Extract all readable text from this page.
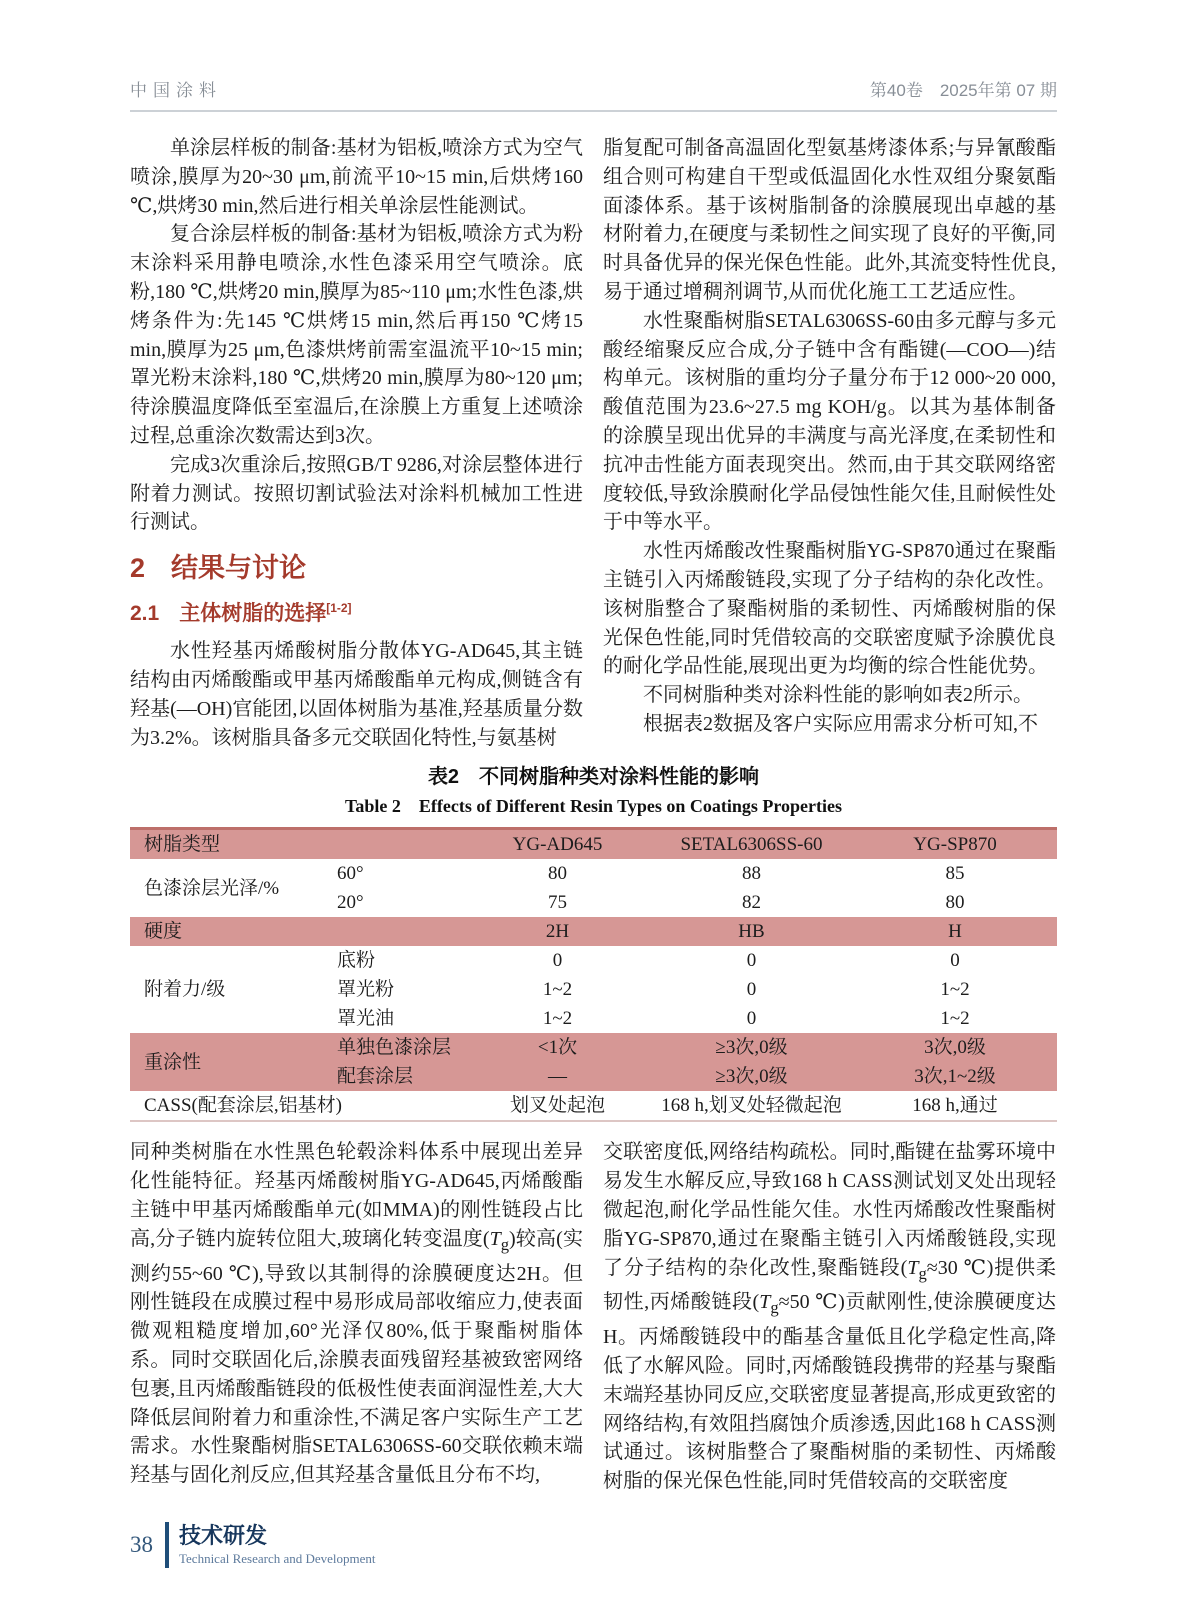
中国涂料	第40卷　2025年第 07 期

单涂层样板的制备:基材为铝板,喷涂方式为空气喷涂,膜厚为20~30 μm,前流平10~15 min,后烘烤160 ℃,烘烤30 min,然后进行相关单涂层性能测试。

复合涂层样板的制备:基材为铝板,喷涂方式为粉末涂料采用静电喷涂,水性色漆采用空气喷涂。底粉,180 ℃,烘烤20 min,膜厚为85~110 μm;水性色漆,烘烤条件为:先145 ℃烘烤15 min,然后再150 ℃烤15 min,膜厚为25 μm,色漆烘烤前需室温流平10~15 min;罩光粉末涂料,180 ℃,烘烤20 min,膜厚为80~120 μm;待涂膜温度降低至室温后,在涂膜上方重复上述喷涂过程,总重涂次数需达到3次。

完成3次重涂后,按照GB/T 9286,对涂层整体进行附着力测试。按照切割试验法对涂料机械加工性进行测试。

2 结果与讨论
2.1 主体树脂的选择[1-2]

水性羟基丙烯酸树脂分散体YG-AD645,其主链结构由丙烯酸酯或甲基丙烯酸酯单元构成,侧链含有羟基(—OH)官能团,以固体树脂为基准,羟基质量分数为3.2%。该树脂具备多元交联固化特性,与氨基树

脂复配可制备高温固化型氨基烤漆体系;与异氰酸酯组合则可构建自干型或低温固化水性双组分聚氨酯面漆体系。基于该树脂制备的涂膜展现出卓越的基材附着力,在硬度与柔韧性之间实现了良好的平衡,同时具备优异的保光保色性能。此外,其流变特性优良,易于通过增稠剂调节,从而优化施工工艺适应性。

水性聚酯树脂SETAL6306SS-60由多元醇与多元酸经缩聚反应合成,分子链中含有酯键(—COO—)结构单元。该树脂的重均分子量分布于12 000~20 000,酸值范围为23.6~27.5 mg KOH/g。以其为基体制备的涂膜呈现出优异的丰满度与高光泽度,在柔韧性和抗冲击性能方面表现突出。然而,由于其交联网络密度较低,导致涂膜耐化学品侵蚀性能欠佳,且耐候性处于中等水平。

水性丙烯酸改性聚酯树脂YG-SP870通过在聚酯主链引入丙烯酸链段,实现了分子结构的杂化改性。该树脂整合了聚酯树脂的柔韧性、丙烯酸树脂的保光保色性能,同时凭借较高的交联密度赋予涂膜优良的耐化学品性能,展现出更为均衡的综合性能优势。

不同树脂种类对涂料性能的影响如表2所示。

根据表2数据及客户实际应用需求分析可知,不

表2　不同树脂种类对涂料性能的影响
Table 2　Effects of Different Resin Types on Coatings Properties
树脂类型		YG-AD645	SETAL6306SS-60	YG-SP870
色漆涂层光泽/%	60°	80	88	85
	20°	75	82	80
硬度		2H	HB	H
附着力/级	底粉	0	0	0
	罩光粉	1~2	0	1~2
	罩光油	1~2	0	1~2
重涂性	单独色漆涂层	<1次	≥3次,0级	3次,0级
	配套涂层	—	≥3次,0级	3次,1~2级
CASS(配套涂层,铝基材)		划叉处起泡	168 h,划叉处轻微起泡	168 h,通过

同种类树脂在水性黑色轮毂涂料体系中展现出差异化性能特征。羟基丙烯酸树脂YG-AD645,丙烯酸酯主链中甲基丙烯酸酯单元(如MMA)的刚性链段占比高,分子链内旋转位阻大,玻璃化转变温度$(T_g)$较高(实测约55~60 ℃),导致以其制得的涂膜硬度达2H。但刚性链段在成膜过程中易形成局部收缩应力,使表面微观粗糙度增加,60°光泽仅80%,低于聚酯树脂体系。同时交联固化后,涂膜表面残留羟基被致密网络包裹,且丙烯酸酯链段的低极性使表面润湿性差,大大降低层间附着力和重涂性,不满足客户实际生产工艺需求。水性聚酯树脂SETAL6306SS-60交联依赖末端羟基与固化剂反应,但其羟基含量低且分布不均,

交联密度低,网络结构疏松。同时,酯键在盐雾环境中易发生水解反应,导致168 h CASS测试划叉处出现轻微起泡,耐化学品性能欠佳。水性丙烯酸改性聚酯树脂YG-SP870,通过在聚酯主链引入丙烯酸链段,实现了分子结构的杂化改性,聚酯链段($T_g\approx 30$ ℃)提供柔韧性,丙烯酸链段($T_g\approx 50$ ℃)贡献刚性,使涂膜硬度达H。丙烯酸链段中的酯基含量低且化学稳定性高,降低了水解风险。同时,丙烯酸链段携带的羟基与聚酯末端羟基协同反应,交联密度显著提高,形成更致密的网络结构,有效阻挡腐蚀介质渗透,因此168 h CASS测试通过。该树脂整合了聚酯树脂的柔韧性、丙烯酸树脂的保光保色性能,同时凭借较高的交联密度

38 技术研发
Technical Research and Development
